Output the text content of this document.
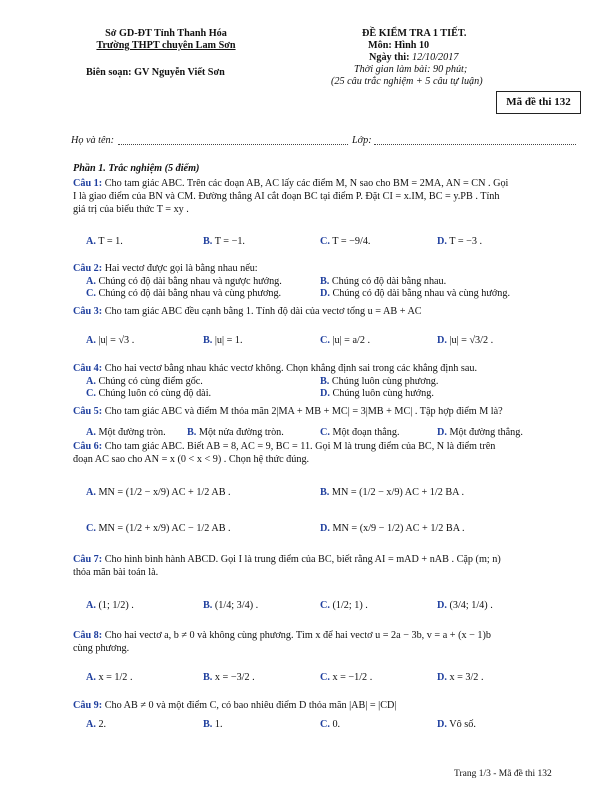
Sở GD-ĐT Tỉnh Thanh Hóa
Trường THPT chuyên Lam Sơn
Biên soạn: GV Nguyễn Viết Sơn
ĐỀ KIỂM TRA 1 TIẾT.
Môn: Hình 10
Ngày thi: 12/10/2017
Thời gian làm bài: 90 phút;
(25 câu trắc nghiệm + 5 câu tự luận)
Mã đề thi 132
Họ và tên:	Lớp:
Phần 1. Trắc nghiệm (5 điểm)
Câu 1: Cho tam giác ABC. Trên các đoạn AB, AC lấy các điểm M, N sao cho BM = 2MA, AN = CN . Gọi
I là giao điểm của BN và CM. Đường thẳng AI cắt đoạn BC tại điểm P. Đặt CI = x.IM, BC = y.PB . Tính
giá trị của biểu thức T = xy .
A. T = 1.	B. T = −1.	C. T = −9/4.	D. T = −3 .
Câu 2: Hai vectơ được gọi là bằng nhau nếu:
A. Chúng có độ dài bằng nhau và ngược hướng.	B. Chúng có độ dài bằng nhau.
C. Chúng có độ dài bằng nhau và cùng phương.	D. Chúng có độ dài bằng nhau và cùng hướng.
Câu 3: Cho tam giác ABC đều cạnh bằng 1. Tính độ dài của vectơ tổng u = AB + AC
A. |u| = √3 .	B. |u| = 1.	C. |u| = a/2 .	D. |u| = √3/2 .
Câu 4: Cho hai vectơ bằng nhau khác vectơ không. Chọn khẳng định sai trong các khẳng định sau.
A. Chúng có cùng điểm gốc.	B. Chúng luôn cùng phương.
C. Chúng luôn có cùng độ dài.	D. Chúng luôn cùng hướng.
Câu 5: Cho tam giác ABC và điểm M thỏa mãn 2|MA + MB + MC| = 3|MB + MC| . Tập hợp điểm M là?
A. Một đường tròn. B. Một nửa đường tròn.	C. Một đoạn thẳng.	D. Một đường thẳng.
Câu 6: Cho tam giác ABC. Biết AB = 8, AC = 9, BC = 11. Gọi M là trung điểm của BC, N là điểm trên
đoạn AC sao cho AN = x (0 < x < 9) . Chọn hệ thức đúng.
A. MN = (1/2 − x/9) AC + 1/2 AB .	B. MN = (1/2 − x/9) AC + 1/2 BA .
C. MN = (1/2 + x/9) AC − 1/2 AB .	D. MN = (x/9 − 1/2) AC + 1/2 BA .
Câu 7: Cho hình bình hành ABCD. Gọi I là trung điểm của BC, biết rằng AI = mAD + nAB . Cặp (m; n)
thỏa mãn bài toán là.
A. (1; 1/2) .	B. (1/4; 3/4) .	C. (1/2; 1) .	D. (3/4; 1/4) .
Câu 8: Cho hai vectơ a, b ≠ 0 và không cùng phương. Tìm x để hai vectơ u = 2a − 3b, v = a + (x − 1)b
cùng phương.
A. x = 1/2 .	B. x = −3/2 .	C. x = −1/2 .	D. x = 3/2 .
Câu 9: Cho AB ≠ 0 và một điểm C, có bao nhiêu điểm D thỏa mãn |AB| = |CD|
A. 2.	B. 1.	C. 0.	D. Vô số.
Trang 1/3 - Mã đề thi 132
